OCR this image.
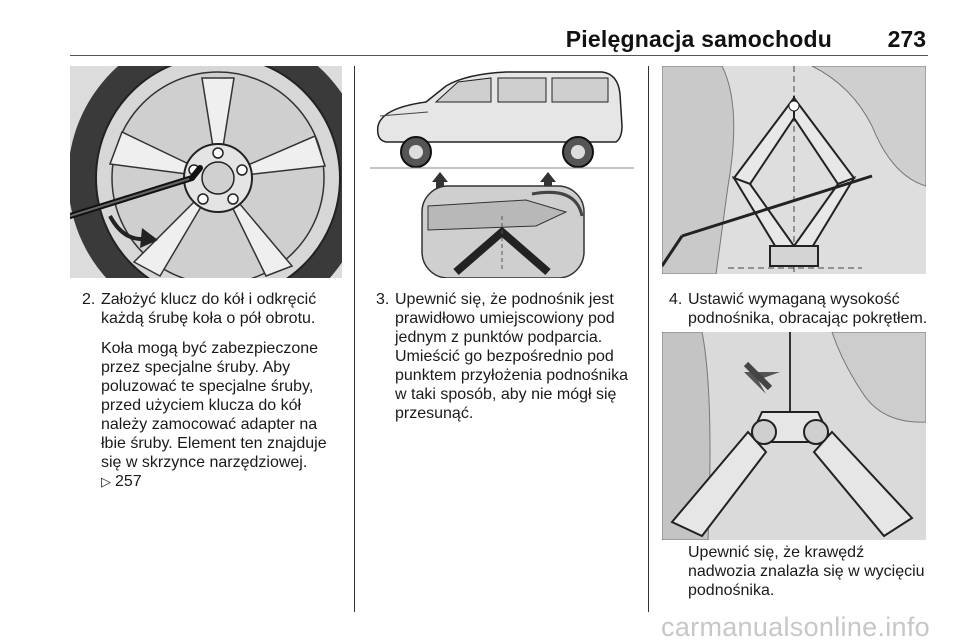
Pielęgnacja samochodu	273
2. Założyć klucz do kół i odkręcić każdą śrubę koła o pół obrotu.

Koła mogą być zabezpieczone przez specjalne śruby. Aby poluzować te specjalne śruby, przed użyciem klucza do kół należy zamocować adapter na łbie śruby. Element ten znajduje się w skrzynce narzędziowej.

▷ 257

3. Upewnić się, że podnośnik jest prawidłowo umiejscowiony pod jednym z punktów podparcia. Umieścić go bezpośrednio pod punktem przyłożenia podnośnika w taki sposób, aby nie mógł się przesunąć.

4. Ustawić wymaganą wysokość podnośnika, obracając pokrętłem.

Upewnić się, że krawędź nadwozia znalazła się w wycięciu podnośnika.

carmanualsonline.info
